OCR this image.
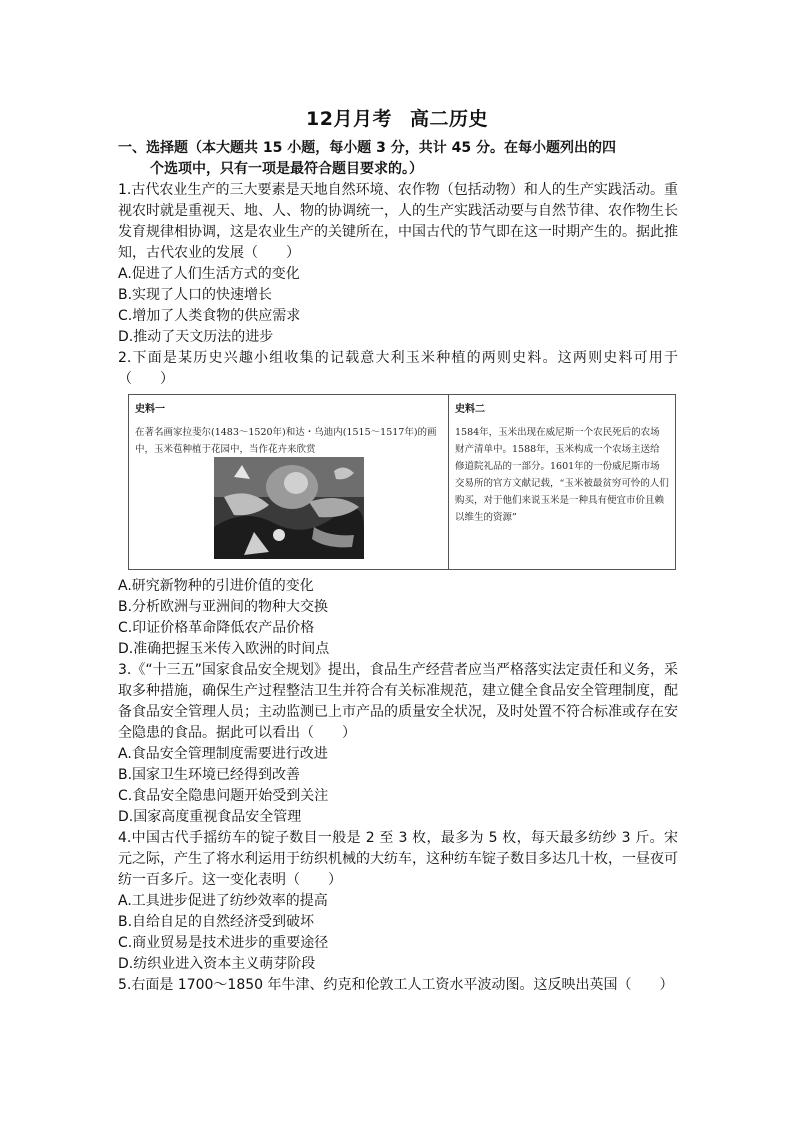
12月月考 高二历史

一、选择题（本大题共 15 小题，每小题 3 分，共计 45 分。在每小题列出的四
个选项中，只有一项是最符合题目要求的。）

1.古代农业生产的三大要素是天地自然环境、农作物（包括动物）和人的生产实践活动。重视农时就是重视天、地、人、物的协调统一，人的生产实践活动要与自然节律、农作物生长发育规律相协调，这是农业生产的关键所在，中国古代的节气即在这一时期产生的。据此推知，古代农业的发展（　　）

A.促进了人们生活方式的变化

B.实现了人口的快速增长

C.增加了人类食物的供应需求

D.推动了天文历法的进步

2.下面是某历史兴趣小组收集的记载意大利玉米种植的两则史料。这两则史料可用于（　　）

史料一
在著名画家拉斐尔(1483～1520年)和达・乌迪内(1515～1517年)的画中，玉米苞种植于花园中，当作花卉来欣赏
史料二
1584年，玉米出现在威尼斯一个农民死后的农场财产清单中。1588年，玉米构成一个农场主送给修道院礼品的一部分。1601年的一份威尼斯市场交易所的官方文献记载，“玉米被最贫穷可怜的人们购买，对于他们来说玉米是一种具有便宜市价且赖以维生的资源”

A.研究新物种的引进价值的变化

B.分析欧洲与亚洲间的物种大交换

C.印证价格革命降低农产品价格

D.准确把握玉米传入欧洲的时间点

3.《“十三五”国家食品安全规划》提出，食品生产经营者应当严格落实法定责任和义务，采取多种措施，确保生产过程整洁卫生并符合有关标准规范，建立健全食品安全管理制度，配备食品安全管理人员；主动监测已上市产品的质量安全状况，及时处置不符合标准或存在安全隐患的食品。据此可以看出（　　）

A.食品安全管理制度需要进行改进

B.国家卫生环境已经得到改善

C.食品安全隐患问题开始受到关注

D.国家高度重视食品安全管理

4.中国古代手摇纺车的锭子数目一般是 2 至 3 枚，最多为 5 枚，每天最多纺纱 3 斤。宋元之际，产生了将水利运用于纺织机械的大纺车，这种纺车锭子数目多达几十枚，一昼夜可纺一百多斤。这一变化表明（　　）

A.工具进步促进了纺纱效率的提高

B.自给自足的自然经济受到破坏

C.商业贸易是技术进步的重要途径

D.纺织业进入资本主义萌芽阶段

5.右面是 1700～1850 年牛津、约克和伦敦工人工资水平波动图。这反映出英国（　　）
